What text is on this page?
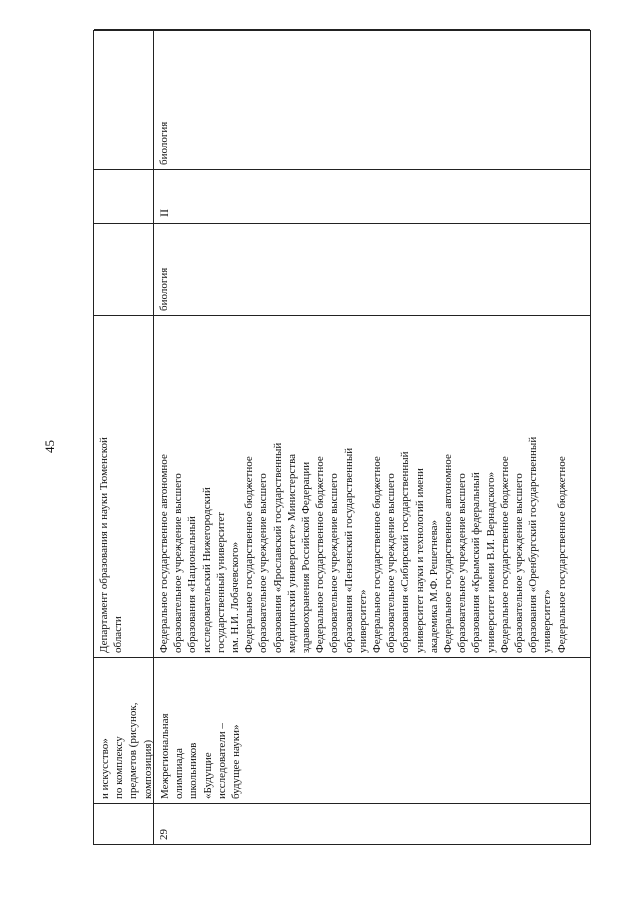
45
и искусство»
по комплексу
предметов (рисунок,
композиция)
Департамент образования и науки Тюменской
области
29
Межрегиональная
олимпиада
школьников
«Будущие
исследователи –
будущее науки»
Федеральное государственное автономное
образовательное учреждение высшего
образования «Национальный
исследовательский Нижегородский
государственный университет
им. Н.И. Лобачевского»
Федеральное государственное бюджетное
образовательное учреждение высшего
образования «Ярославский государственный
медицинский университет» Министерства
здравоохранения Российской Федерации
Федеральное государственное бюджетное
образовательное учреждение высшего
образования «Пензенский государственный
университет»
Федеральное государственное бюджетное
образовательное учреждение высшего
образования «Сибирский государственный
университет науки и технологий имени
академика М.Ф. Решетнева»
Федеральное государственное автономное
образовательное учреждение высшего
образования «Крымский федеральный
университет имени В.И. Вернадского»
Федеральное государственное бюджетное
образовательное учреждение высшего
образования «Оренбургский государственный
университет»
Федеральное государственное бюджетное
биология
биология
II
